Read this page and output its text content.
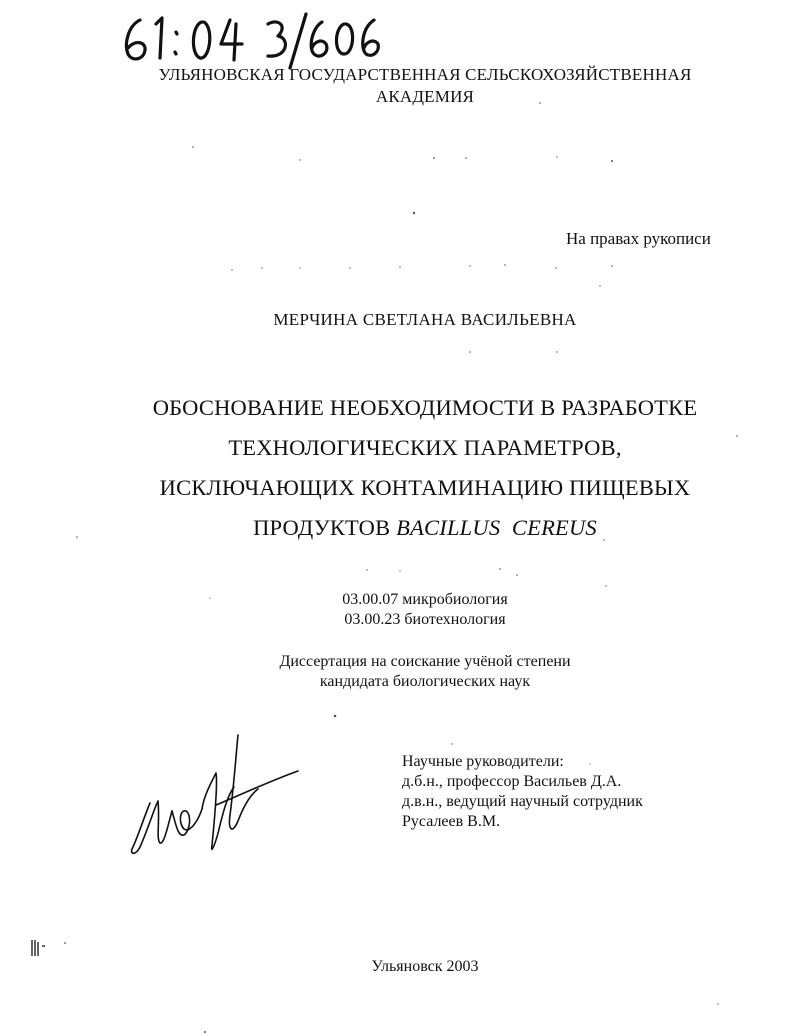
УЛЬЯНОВСКАЯ ГОСУДАРСТВЕННАЯ СЕЛЬСКОХОЗЯЙСТВЕННАЯ
АКАДЕМИЯ
На правах рукописи
МЕРЧИНА СВЕТЛАНА ВАСИЛЬЕВНА
ОБОСНОВАНИЕ НЕОБХОДИМОСТИ В РАЗРАБОТКЕ
ТЕХНОЛОГИЧЕСКИХ ПАРАМЕТРОВ,
ИСКЛЮЧАЮЩИХ КОНТАМИНАЦИЮ ПИЩЕВЫХ
ПРОДУКТОВ BACILLUS  CEREUS
03.00.07 микробиология
03.00.23 биотехнология
Диссертация на соискание учёной степени
кандидата биологических наук
Научные руководители:
д.б.н., профессор Васильев Д.А.
д.в.н., ведущий научный сотрудник
Русалеев В.М.
Ульяновск 2003
